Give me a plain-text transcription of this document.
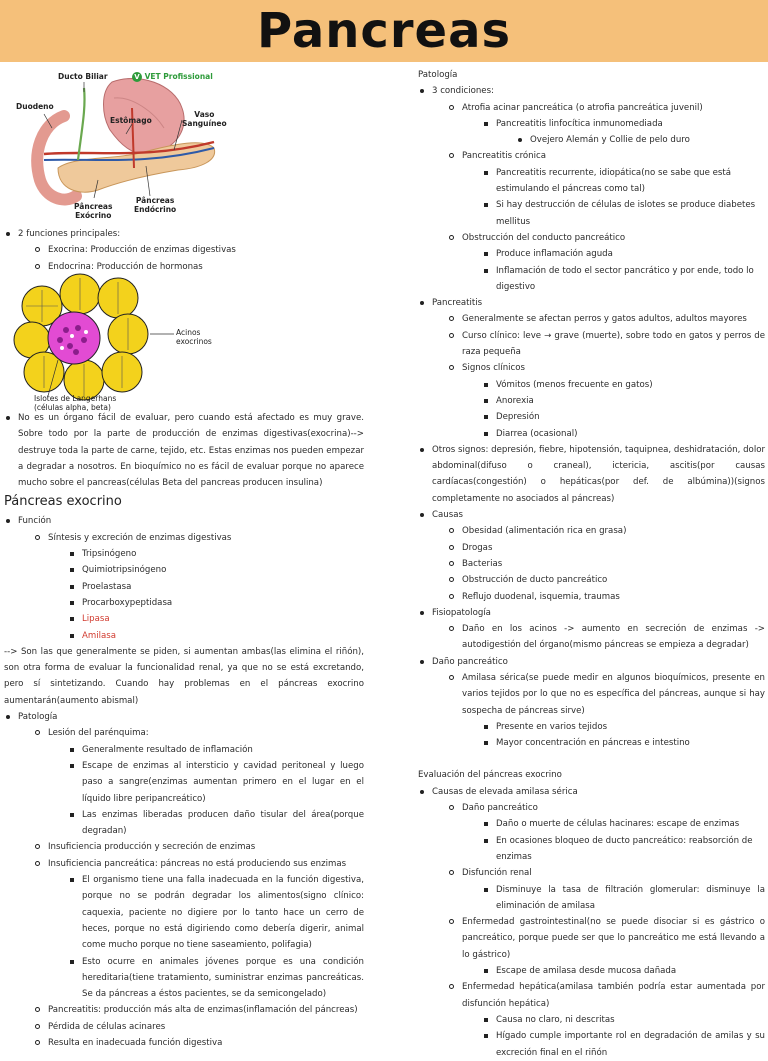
Pancreas
Ducto Biliar	V VET Profissional
Duodeno
Estômago
Vaso
Sanguíneo
Pâncreas
Exócrino
Pâncreas
Endócrino
Acinos
exocrinos
Islotes de Langerhans
(células alpha, beta)
2 funciones principales:
Exocrina: Producción de enzimas digestivas
Endocrina: Producción de hormonas
No es un órgano fácil de evaluar, pero cuando está afectado es muy grave. Sobre todo por la parte de producción de enzimas digestivas(exocrina)--> destruye toda la parte de carne, tejido, etc. Estas enzimas nos pueden empezar a degradar a nosotros. En bioquímico no es fácil de evaluar porque no aparece mucho sobre el pancreas(células Beta del pancreas producen insulina)
Páncreas exocrino
Función
Síntesis y excreción de enzimas digestivas
Tripsinógeno
Quimiotripsinógeno
Proelastasa
Procarboxypeptidasa
Lipasa
Amilasa
--> Son las que generalmente se piden, si aumentan ambas(las elimina el riñón), son otra forma de evaluar la funcionalidad renal, ya que no se está excretando, pero sí sintetizando. Cuando hay problemas en el páncreas exocrino aumentarán(aumento abismal)
Patología
Lesión del parénquima:
Generalmente resultado de inflamación
Escape de enzimas al intersticio y cavidad peritoneal y luego paso a sangre(enzimas aumentan primero en el lugar en el líquido libre peripancreático)
Las enzimas liberadas producen daño tisular del área(porque degradan)
Insuficiencia producción y secreción de enzimas
Insuficiencia pancreática: páncreas no está produciendo sus enzimas
El organismo tiene una falla inadecuada en la función digestiva, porque no se podrán degradar los alimentos(signo clínico: caquexia, paciente no digiere por lo tanto hace un cerro de heces, porque no está digiriendo como debería digerir, animal come mucho porque no tiene saseamiento, polifagia)
Esto ocurre en animales jóvenes porque es una condición hereditaria(tiene tratamiento, suministrar enzimas pancreáticas. Se da páncreas a éstos pacientes, se da semicongelado)
Pancreatitis: producción más alta de enzimas(inflamación del páncreas)
Pérdida de células acinares
Resulta en inadecuada función digestiva
Patología
3 condiciones:
Atrofia acinar pancreática (o atrofia pancreática juvenil)
Pancreatitis linfocítica inmunomediada
Ovejero Alemán y Collie de pelo duro
Pancreatitis crónica
Pancreatitis recurrente, idiopática(no se sabe que está estimulando el páncreas como tal)
Si hay destrucción de células de islotes se produce diabetes mellitus
Obstrucción del conducto pancreático
Produce inflamación aguda
Inflamación de todo el sector pancrático y por ende, todo lo digestivo
Pancreatitis
Generalmente se afectan perros y gatos adultos, adultos mayores
Curso clínico: leve → grave (muerte), sobre todo en gatos y perros de raza pequeña
Signos clínicos
Vómitos (menos frecuente en gatos)
Anorexia
Depresión
Diarrea (ocasional)
Otros signos: depresión, fiebre, hipotensión, taquipnea, deshidratación, dolor abdominal(difuso o craneal), ictericia, ascitis(por causas cardíacas(congestión) o hepáticas(por def. de albúmina))(signos completamente no asociados al páncreas)
Causas
Obesidad (alimentación rica en grasa)
Drogas
Bacterias
Obstrucción de ducto pancreático
Reflujo duodenal, isquemia, traumas
Fisiopatología
Daño en los acinos -> aumento en secreción de enzimas -> autodigestión del órgano(mismo páncreas se empieza a degradar)
Daño pancreático
Amilasa sérica(se puede medir en algunos bioquímicos, presente en varios tejidos por lo que no es específica del páncreas, aunque si hay sospecha de páncreas sirve)
Presente en varios tejidos
Mayor concentración en páncreas e intestino
Evaluación del páncreas exocrino
Causas de elevada amilasa sérica
Daño pancreático
Daño o muerte de células hacinares: escape de enzimas
En ocasiones bloqueo de ducto pancreático: reabsorción de enzimas
Disfunción renal
Disminuye la tasa de filtración glomerular: disminuye la eliminación de amilasa
Enfermedad gastrointestinal(no se puede disociar si es gástrico o pancreático, porque puede ser que lo pancreático me está llevando a lo gástrico)
Escape de amilasa desde mucosa dañada
Enfermedad hepática(amilasa también podría estar aumentada por disfunción hepática)
Causa no claro, ni descritas
Hígado cumple importante rol en degradación de amilas y su excreción final en el riñón
